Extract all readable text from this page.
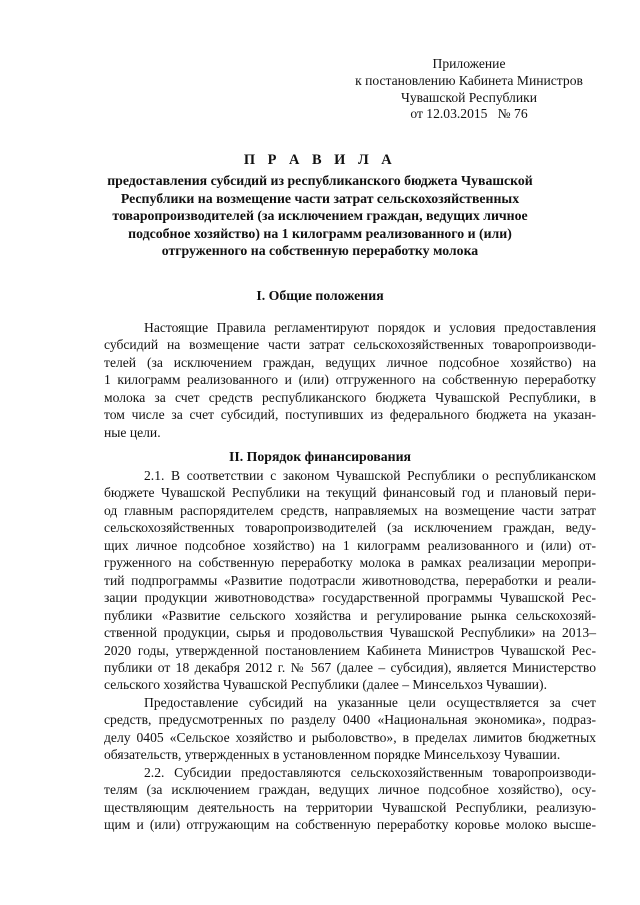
Приложение
к постановлению Кабинета Министров
Чувашской Республики
от 12.03.2015   № 76
П Р А В И Л А
предоставления субсидий из республиканского бюджета Чувашской
Республики на возмещение части затрат сельскохозяйственных
товаропроизводителей (за исключением граждан, ведущих личное
подсобное хозяйство) на 1 килограмм реализованного и (или)
отгруженного на собственную переработку молока
I. Общие положения
Настоящие Правила регламентируют порядок и условия предоставления
субсидий на возмещение части затрат сельскохозяйственных товаропроизводи-
телей (за исключением граждан, ведущих личное подсобное хозяйство) на
1 килограмм реализованного и (или) отгруженного на собственную переработку
молока за счет средств республиканского бюджета Чувашской Республики, в
том числе за счет субсидий, поступивших из федерального бюджета на указан-
ные цели.
II. Порядок финансирования
2.1. В соответствии с законом Чувашской Республики о республиканском
бюджете Чувашской Республики на текущий финансовый год и плановый пери-
од главным распорядителем средств, направляемых на возмещение части затрат
сельскохозяйственных товаропроизводителей (за исключением граждан, веду-
щих личное подсобное хозяйство) на 1 килограмм реализованного и (или) от-
груженного на собственную переработку молока в рамках реализации меропри-
тий подпрограммы «Развитие подотрасли животноводства, переработки и реали-
зации продукции животноводства» государственной программы Чувашской Рес-
публики «Развитие сельского хозяйства и регулирование рынка сельскохозяй-
ственной продукции, сырья и продовольствия Чувашской Республики» на 2013–
2020 годы, утвержденной постановлением Кабинета Министров Чувашской Рес-
публики от 18 декабря 2012 г. № 567 (далее – субсидия), является Министерство
сельского хозяйства Чувашской Республики (далее – Минсельхоз Чувашии).
Предоставление субсидий на указанные цели осуществляется за счет
средств, предусмотренных по разделу 0400 «Национальная экономика», подраз-
делу 0405 «Сельское хозяйство и рыболовство», в пределах лимитов бюджетных
обязательств, утвержденных в установленном порядке Минсельхозу Чувашии.
2.2. Субсидии предоставляются сельскохозяйственным товаропроизводи-
телям (за исключением граждан, ведущих личное подсобное хозяйство), осу-
ществляющим деятельность на территории Чувашской Республики, реализую-
щим и (или) отгружающим на собственную переработку коровье молоко высше-
